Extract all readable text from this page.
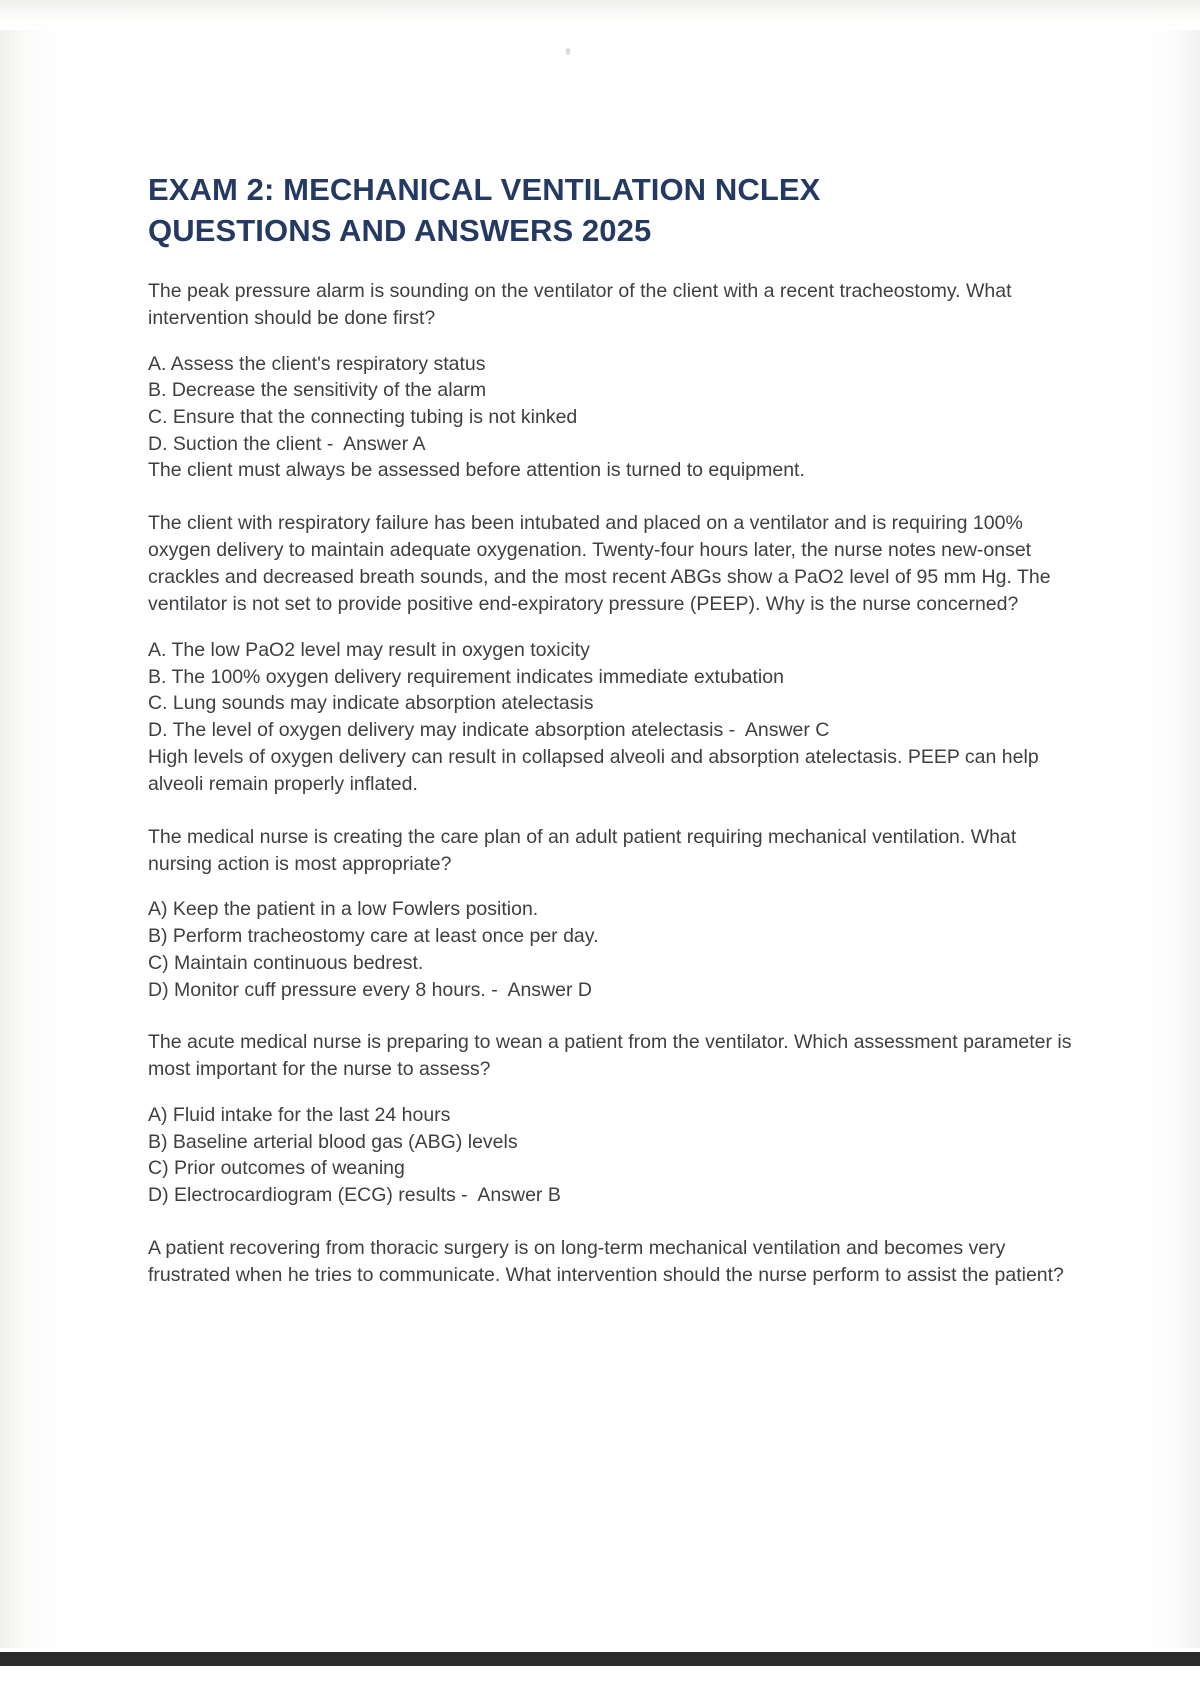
EXAM 2: MECHANICAL VENTILATION NCLEX
QUESTIONS AND ANSWERS 2025

The peak pressure alarm is sounding on the ventilator of the client with a recent tracheostomy. What intervention should be done first?

A. Assess the client's respiratory status
B. Decrease the sensitivity of the alarm
C. Ensure that the connecting tubing is not kinked
D. Suction the client -  Answer A

The client must always be assessed before attention is turned to equipment.

The client with respiratory failure has been intubated and placed on a ventilator and is requiring 100% oxygen delivery to maintain adequate oxygenation. Twenty-four hours later, the nurse notes new-onset crackles and decreased breath sounds, and the most recent ABGs show a PaO2 level of 95 mm Hg. The ventilator is not set to provide positive end-expiratory pressure (PEEP). Why is the nurse concerned?

A. The low PaO2 level may result in oxygen toxicity
B. The 100% oxygen delivery requirement indicates immediate extubation
C. Lung sounds may indicate absorption atelectasis
D. The level of oxygen delivery may indicate absorption atelectasis -  Answer C

High levels of oxygen delivery can result in collapsed alveoli and absorption atelectasis. PEEP can help alveoli remain properly inflated.

The medical nurse is creating the care plan of an adult patient requiring mechanical ventilation. What nursing action is most appropriate?

A) Keep the patient in a low Fowlers position.
B) Perform tracheostomy care at least once per day.
C) Maintain continuous bedrest.
D) Monitor cuff pressure every 8 hours. -  Answer D

The acute medical nurse is preparing to wean a patient from the ventilator. Which assessment parameter is most important for the nurse to assess?

A) Fluid intake for the last 24 hours
B) Baseline arterial blood gas (ABG) levels
C) Prior outcomes of weaning
D) Electrocardiogram (ECG) results -  Answer B

A patient recovering from thoracic surgery is on long-term mechanical ventilation and becomes very frustrated when he tries to communicate. What intervention should the nurse perform to assist the patient?
